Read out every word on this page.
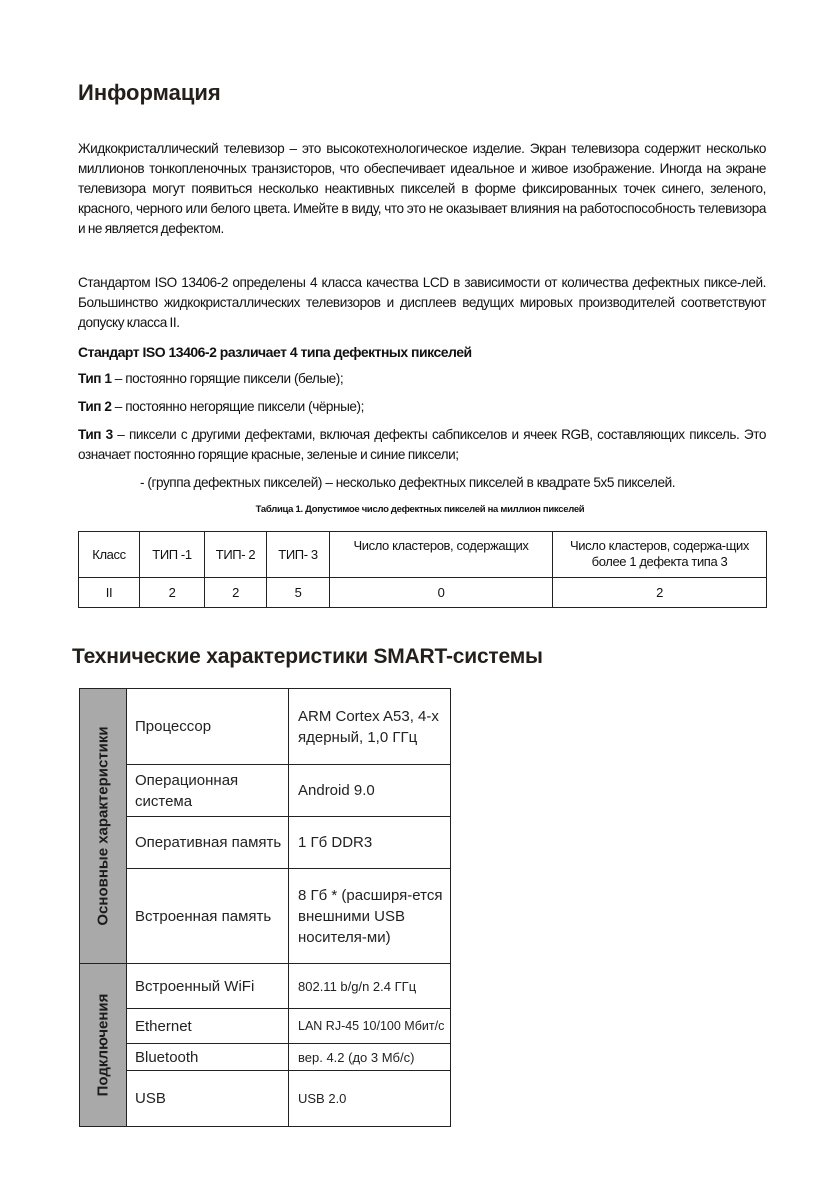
Информация

Жидкокристаллический телевизор – это высокотехнологическое изделие. Экран телевизора содержит несколько миллионов тонкопленочных транзисторов, что обеспечивает идеальное и живое изображение. Иногда на экране телевизора могут появиться несколько неактивных пикселей в форме фиксированных точек синего, зеленого, красного, черного или белого цвета. Имейте в виду, что это не оказывает влияния на работоспособность телевизора и не является дефектом.

Стандартом ISO 13406-2 определены 4 класса качества LCD в зависимости от количества дефектных пиксе-лей. Большинство жидкокристаллических телевизоров и дисплеев ведущих мировых производителей соответствуют допуску класса II.

Стандарт ISO 13406-2 различает 4 типа дефектных пикселей

Тип 1 – постоянно горящие пиксели (белые);

Тип 2 – постоянно негорящие пиксели (чёрные);

Тип 3 – пиксели с другими дефектами, включая дефекты сабпикселов и ячеек RGB, составляющих пиксель. Это означает постоянно горящие красные, зеленые и синие пиксели;

- (группа дефектных пикселей) – несколько дефектных пикселей в квадрате 5х5 пикселей.

Таблица 1. Допустимое число дефектных пикселей на миллион пикселей

Класс	ТИП -1	ТИП- 2	ТИП- 3	Число кластеров, содержащих	Число кластеров, содержа-щих более 1 дефекта типа 3
II	2	2	5	0	2
Технические характеристики SMART-системы
Основные характеристики	Процессор	ARM Cortex A53, 4-х ядерный, 1,0 ГГц
	Операционная система	Android 9.0
	Оперативная память	1 Гб DDR3
	Встроенная память	8 Гб * (расширя-ется внешними USB носителя-ми)

Подключения	Встроенный WiFi	802.11 b/g/n 2.4 ГГц
	Ethernet	LAN RJ-45 10/100 Мбит/с
	Bluetooth	вер. 4.2 (до 3 Мб/с)
	USB	USB 2.0
